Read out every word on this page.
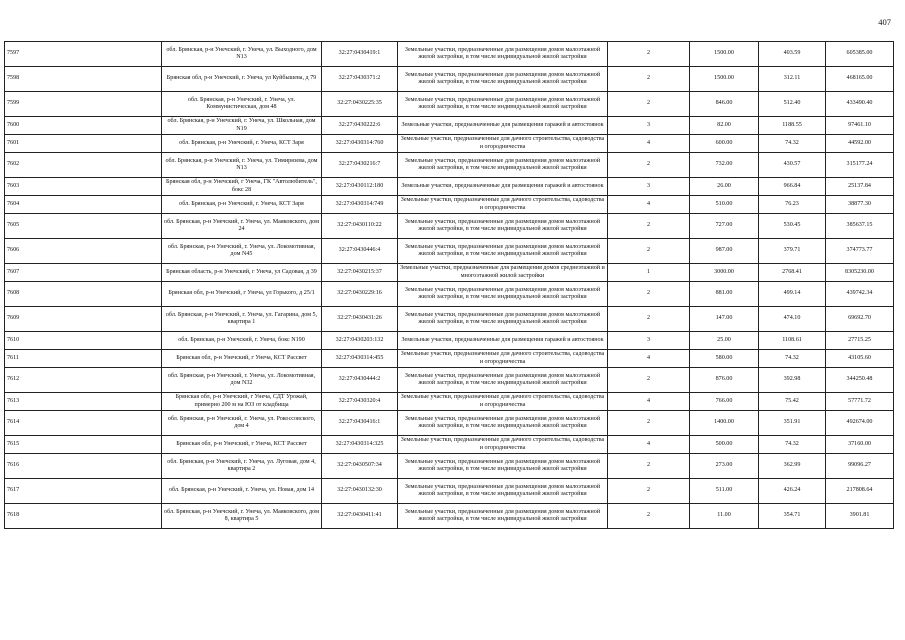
407
7597	обл. Брянская, р-н Унечский, г. Унеча, ул. Выходного, дом N13	32:27:0430419:1	Земельные участки, предназначенные для размещения домов малоэтажной жилой застройки, в том числе индивидуальной жилой застройки	2	1500.00	403.59	605385.00
7598	Брянская обл, р-н Унечский, г. Унеча, ул Куйбышева, д 79	32:27:0430371:2	Земельные участки, предназначенные для размещения домов малоэтажной жилой застройки, в том числе индивидуальной жилой застройки	2	1500.00	312.11	468165.00
7599	обл. Брянская, р-н Унечский, г. Унеча, ул. Коммунистическая, дом 48	32:27:0430225:35	Земельные участки, предназначенные для размещения домов малоэтажной жилой застройки, в том числе индивидуальной жилой застройки	2	846.00	512.40	433490.40
7600	обл. Брянская, р-н Унечский, г. Унеча, ул. Школьная, дом N19	32:27:0430222:6	Земельные участки, предназначенные для размещения гаражей и автостоянок	3	82.00	1188.55	97461.10
7601	обл. Брянская, р-н Унечский, г. Унеча, КСТ Заря	32:27:0430314:760	Земельные участки, предназначенные для дачного строительства, садоводства и огородничества	4	600.00	74.32	44592.00
7602	обл. Брянская, р-н Унечский, г. Унеча, ул. Тимирязева, дом N13	32:27:0430216:7	Земельные участки, предназначенные для размещения домов малоэтажной жилой застройки, в том числе индивидуальной жилой застройки	2	732.00	430.57	315177.24
7603	Брянская обл, р-н Унечский, г Унеча, ГК "Автолюбитель", бокс 28	32:27:0430112:180	Земельные участки, предназначенные для размещения гаражей и автостоянок	3	26.00	966.84	25137.84
7604	обл. Брянская, р-н Унечский, г. Унеча, КСТ Заря	32:27:0430314:749	Земельные участки, предназначенные для дачного строительства, садоводства и огородничества	4	510.00	76.23	38877.30
7605	обл. Брянская, р-н Унечский, г. Унеча, ул. Маяковского, дом 24	32:27:0430110:22	Земельные участки, предназначенные для размещения домов малоэтажной жилой застройки, в том числе индивидуальной жилой застройки	2	727.00	530.45	385637.15
7606	обл. Брянская, р-н Унечский, г. Унеча, ул. Локомотивная, дом N45	32:27:0430446:4	Земельные участки, предназначенные для размещения домов малоэтажной жилой застройки, в том числе индивидуальной жилой застройки	2	987.00	379.71	374773.77
7607	Брянская область, р-н Унечский, г Унеча, ул Садовая, д 39	32:27:0430215:37	Земельные участки, предназначенные для размещения домов среднеэтажной и многоэтажной жилой застройки	1	3000.00	2768.41	8305230.00
7608	Брянская обл, р-н Унечский, г Унеча, ул Горького, д 25/1	32:27:0430229:16	Земельные участки, предназначенные для размещения домов малоэтажной жилой застройки, в том числе индивидуальной жилой застройки	2	881.00	499.14	439742.34
7609	обл. Брянская, р-н Унечский, г. Унеча, ул. Гагарина, дом 5, квартира 1	32:27:0430431:26	Земельные участки, предназначенные для размещения домов малоэтажной жилой застройки, в том числе индивидуальной жилой застройки	2	147.00	474.10	69692.70
7610	обл. Брянская, р-н Унечский, г. Унеча, бокс N190	32:27:0430203:132	Земельные участки, предназначенные для размещения гаражей и автостоянок	3	25.00	1108.61	27715.25
7611	Брянская обл, р-н Унечский, г Унеча, КСТ Рассвет	32:27:0430314:455	Земельные участки, предназначенные для дачного строительства, садоводства и огородничества	4	580.00	74.32	43105.60
7612	обл. Брянская, р-н Унечский, г. Унеча, ул. Локомотивная, дом N32	32:27:0430444:2	Земельные участки, предназначенные для размещения домов малоэтажной жилой застройки, в том числе индивидуальной жилой застройки	2	876.00	392.98	344250.48
7613	Брянская обл, р-н Унечский, г Унеча, СДТ Урожай, примерно 200 м на ЮЗ от кладбища	32:27:0430320:4	Земельные участки, предназначенные для дачного строительства, садоводства и огородничества	4	766.00	75.42	57771.72
7614	обл. Брянская, р-н Унечский, г. Унеча, ул. Рокоссовского, дом 4	32:27:0430416:1	Земельные участки, предназначенные для размещения домов малоэтажной жилой застройки, в том числе индивидуальной жилой застройки	2	1400.00	351.91	492674.00
7615	Брянская обл, р-н Унечский, г Унеча, КСТ Рассвет	32:27:0430314:325	Земельные участки, предназначенные для дачного строительства, садоводства и огородничества	4	500.00	74.32	37160.00
7616	обл. Брянская, р-н Унечский, г. Унеча, ул. Луговая, дом 4, квартира 2	32:27:0430507:34	Земельные участки, предназначенные для размещения домов малоэтажной жилой застройки, в том числе индивидуальной жилой застройки	2	273.00	362.99	99096.27
7617	обл. Брянская, р-н Унечский, г. Унеча, ул. Новая, дом 14	32:27:0430132:30	Земельные участки, предназначенные для размещения домов малоэтажной жилой застройки, в том числе индивидуальной жилой застройки	2	511.00	426.24	217808.64
7618	обл. Брянская, р-н Унечский, г. Унеча, ул. Маяковского, дом 8, квартира 5	32:27:0430411:41	Земельные участки, предназначенные для размещения домов малоэтажной жилой застройки, в том числе индивидуальной жилой застройки	2	11.00	354.71	3901.81
